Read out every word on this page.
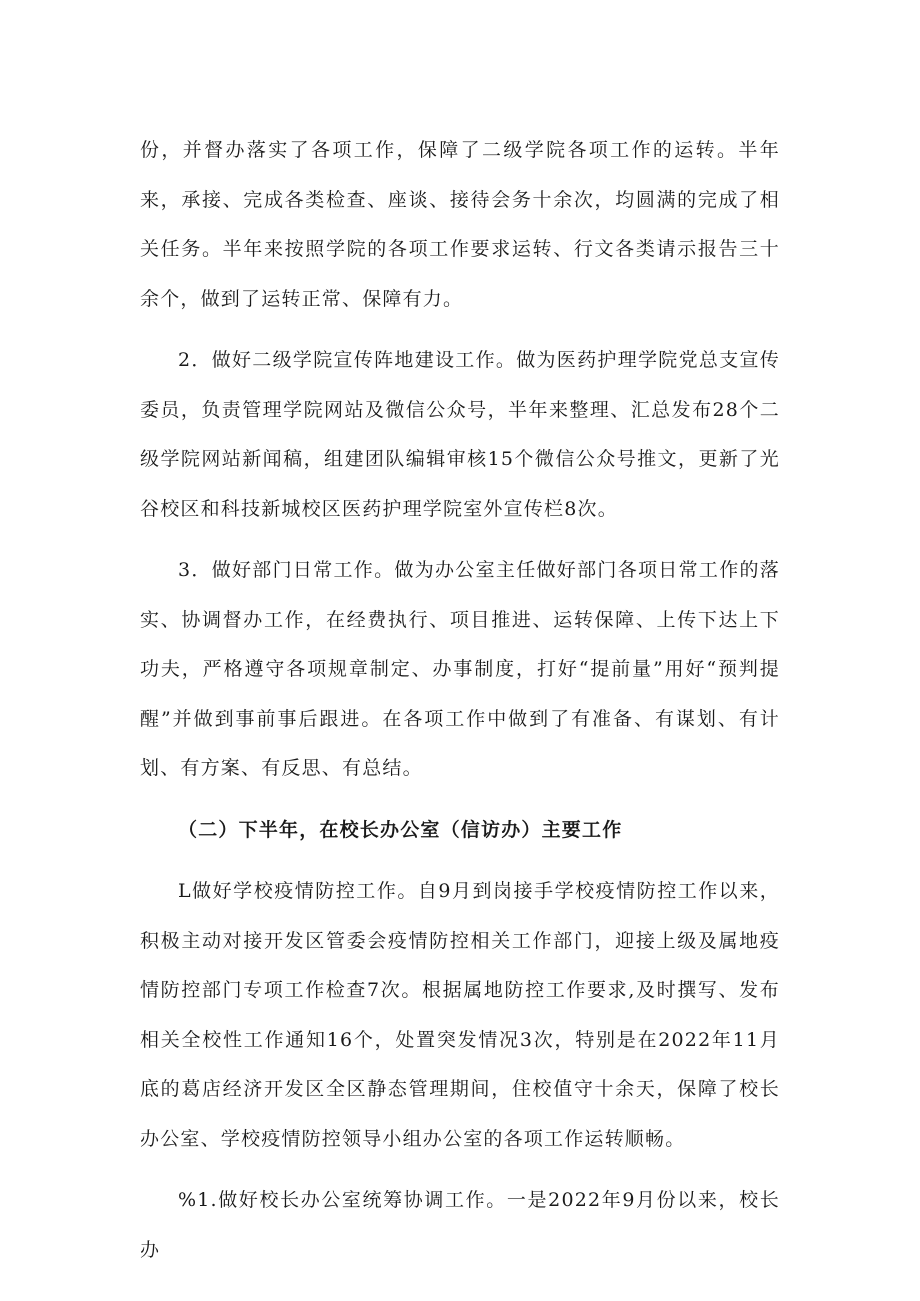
份，并督办落实了各项工作，保障了二级学院各项工作的运转。半年来，承接、完成各类检查、座谈、接待会务十余次，均圆满的完成了相关任务。半年来按照学院的各项工作要求运转、行文各类请示报告三十余个，做到了运转正常、保障有力。

2．做好二级学院宣传阵地建设工作。做为医药护理学院党总支宣传委员，负责管理学院网站及微信公众号，半年来整理、汇总发布28个二级学院网站新闻稿，组建团队编辑审核15个微信公众号推文，更新了光谷校区和科技新城校区医药护理学院室外宣传栏8次。

3．做好部门日常工作。做为办公室主任做好部门各项日常工作的落实、协调督办工作，在经费执行、项目推进、运转保障、上传下达上下功夫，严格遵守各项规章制定、办事制度，打好“提前量”用好“预判提醒”并做到事前事后跟进。在各项工作中做到了有准备、有谋划、有计划、有方案、有反思、有总结。

（二）下半年，在校长办公室（信访办）主要工作

L做好学校疫情防控工作。自9月到岗接手学校疫情防控工作以来，积极主动对接开发区管委会疫情防控相关工作部门，迎接上级及属地疫情防控部门专项工作检查7次。根据属地防控工作要求,及时撰写、发布相关全校性工作通知16个，处置突发情况3次，特别是在2022年11月底的葛店经济开发区全区静态管理期间，住校值守十余天，保障了校长办公室、学校疫情防控领导小组办公室的各项工作运转顺畅。

%1.做好校长办公室统筹协调工作。一是2022年9月份以来，校长办
